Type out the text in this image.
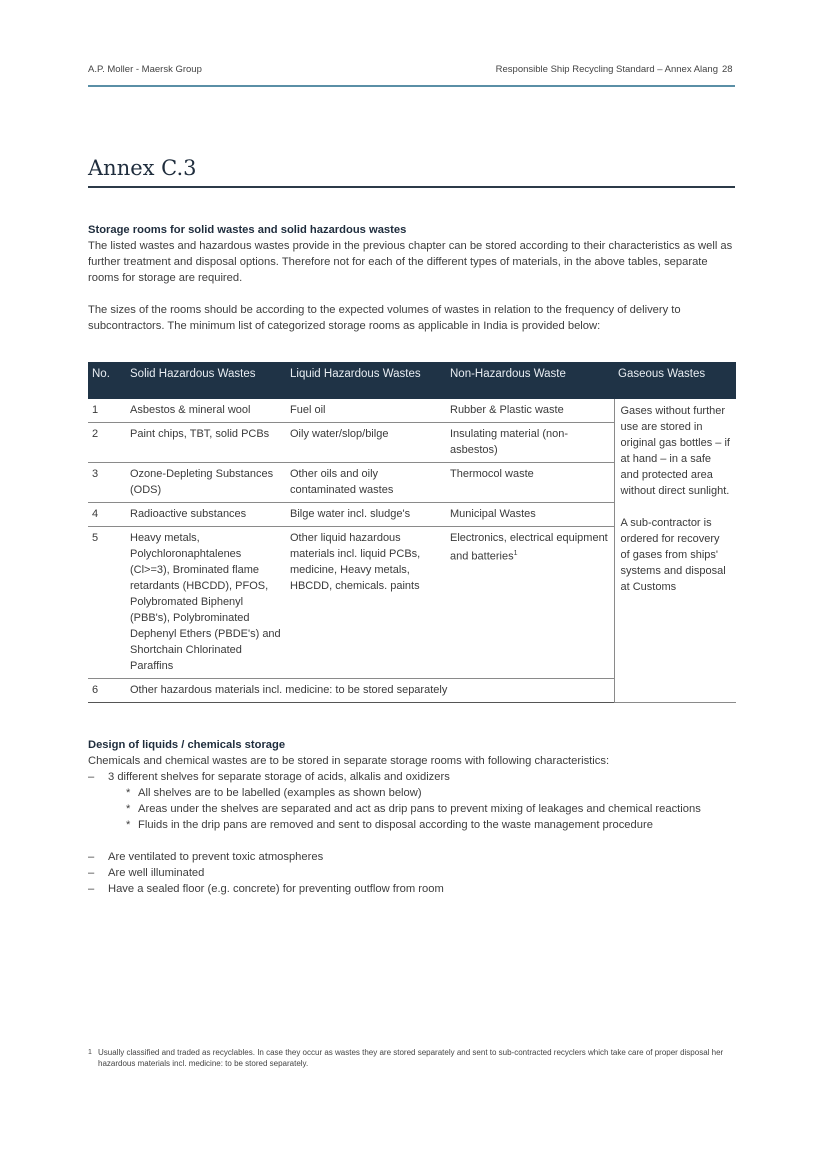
A.P. Moller - Maersk Group	Responsible Ship Recycling Standard – Annex Alang 28
Annex C.3

Storage rooms for solid wastes and solid hazardous wastes

The listed wastes and hazardous wastes provide in the previous chapter can be stored according to their characteristics as well as further treatment and disposal options. Therefore not for each of the different types of materials, in the above tables, separate rooms for storage are required.

The sizes of the rooms should be according to the expected volumes of wastes in relation to the frequency of delivery to subcontractors. The minimum list of categorized storage rooms as applicable in India is provided below:

No.	Solid Hazardous Wastes	Liquid Hazardous Wastes	Non-Hazardous Waste	Gaseous Wastes
1	Asbestos & mineral wool	Fuel oil	Rubber & Plastic waste	Gases without further use are stored in original gas bottles – if at hand – in a safe and protected area without direct sunlight.

A sub-contractor is ordered for recovery of gases from ships' systems and disposal at Customs

2	Paint chips, TBT, solid PCBs	Oily water/slop/bilge	Insulating material (non-asbestos)	
3	Ozone-Depleting Substances (ODS)	Other oils and oily contaminated wastes	Thermocol waste	
4	Radioactive substances	Bilge water incl. sludge's	Municipal Wastes	
5	Heavy metals, Polychloronaphtalenes (Cl>=3), Brominated flame retardants (HBCDD), PFOS, Polybromated Biphenyl (PBB's), Polybrominated Dephenyl Ethers (PBDE's) and Shortchain Chlorinated Paraffins	Other liquid hazardous materials incl. liquid PCBs, medicine, Heavy metals, HBCDD, chemicals. paints	Electronics, electrical equipment and batteries$^1$
6	Other hazardous materials incl. medicine: to be stored separately			

Design of liquids / chemicals storage

Chemicals and chemical wastes are to be stored in separate storage rooms with following characteristics:

– 3 different shelves for separate storage of acids, alkalis and oxidizers
* All shelves are to be labelled (examples as shown below)
* Areas under the shelves are separated and act as drip pans to prevent mixing of leakages and chemical reactions
* Fluids in the drip pans are removed and sent to disposal according to the waste management procedure
– Are ventilated to prevent toxic atmospheres
– Are well illuminated
– Have a sealed floor (e.g. concrete) for preventing outflow from room
1 Usually classified and traded as recyclables. In case they occur as wastes they are stored separately and sent to sub-contracted recyclers which take care of proper disposal her hazardous materials incl. medicine: to be stored separately.
